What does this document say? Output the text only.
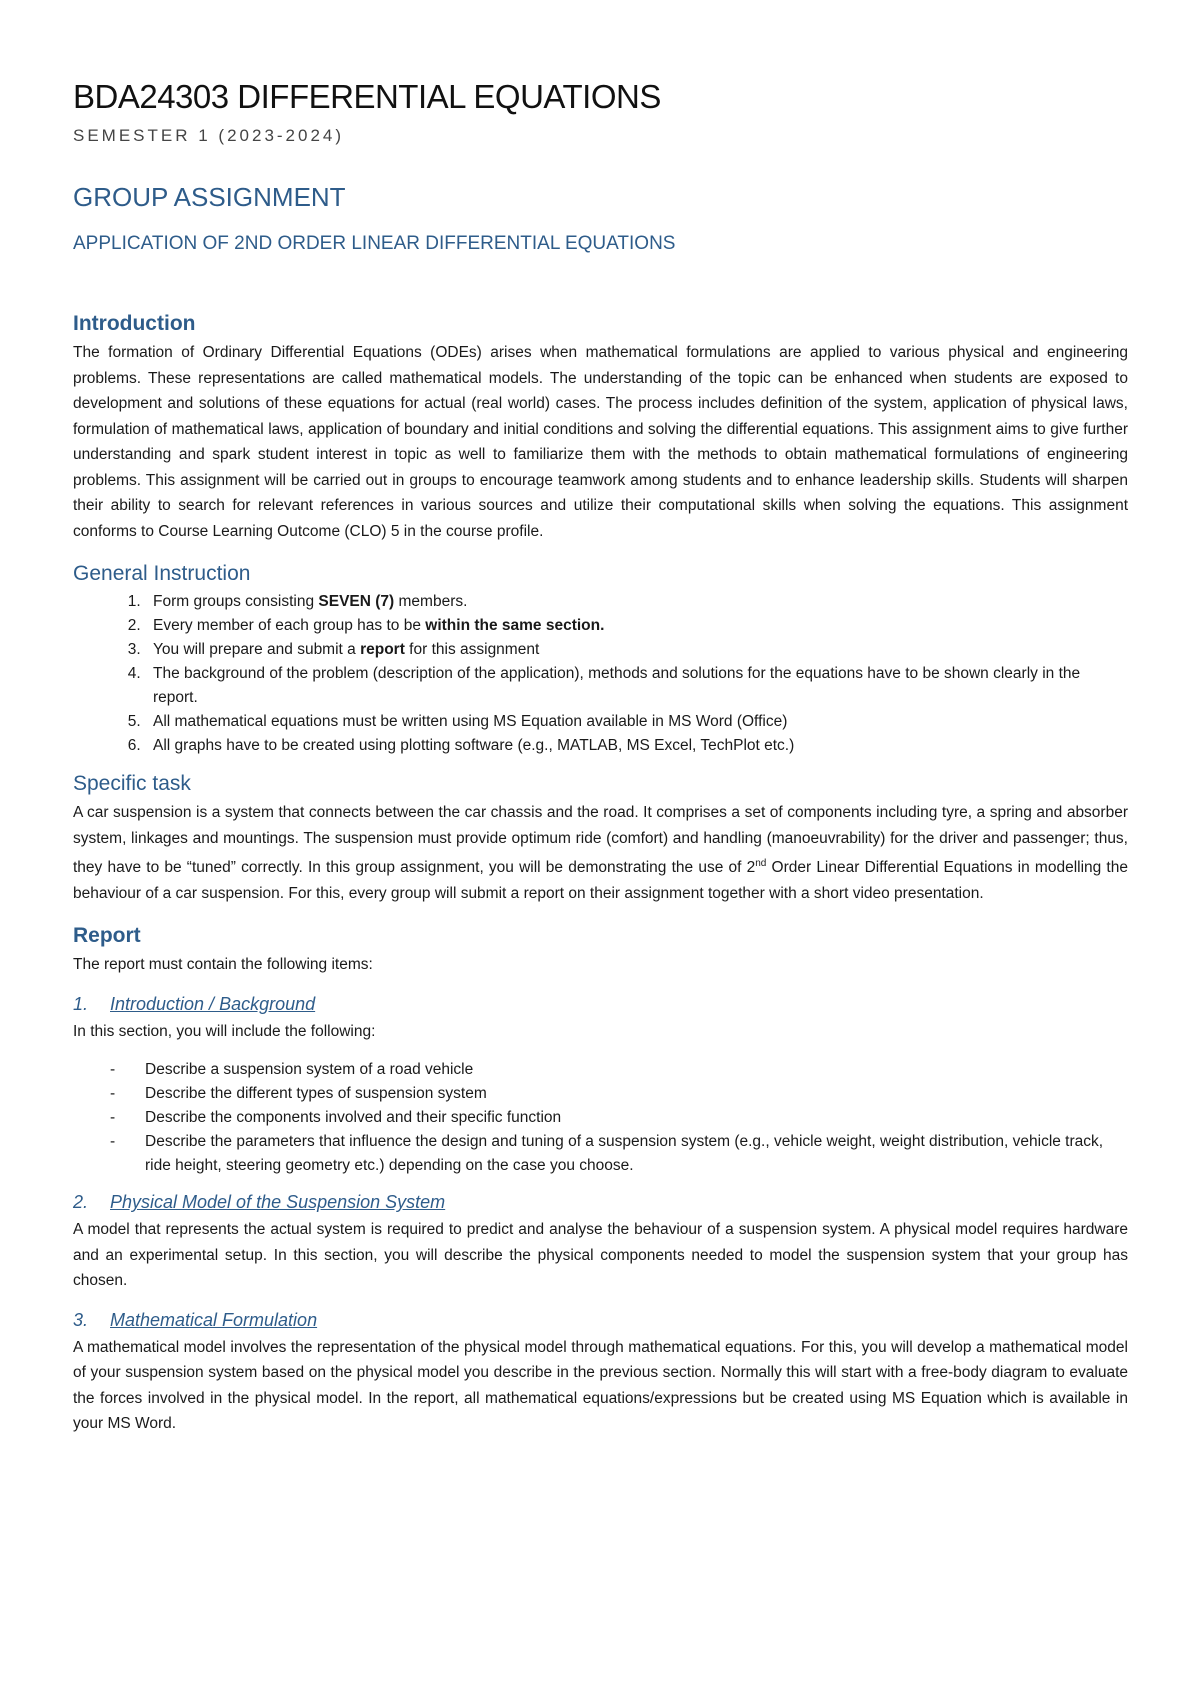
BDA24303 DIFFERENTIAL EQUATIONS
SEMESTER 1 (2023-2024)
GROUP ASSIGNMENT
APPLICATION OF 2ND ORDER LINEAR DIFFERENTIAL EQUATIONS
Introduction

The formation of Ordinary Differential Equations (ODEs) arises when mathematical formulations are applied to various physical and engineering problems. These representations are called mathematical models. The understanding of the topic can be enhanced when students are exposed to development and solutions of these equations for actual (real world) cases. The process includes definition of the system, application of physical laws, formulation of mathematical laws, application of boundary and initial conditions and solving the differential equations. This assignment aims to give further understanding and spark student interest in topic as well to familiarize them with the methods to obtain mathematical formulations of engineering problems. This assignment will be carried out in groups to encourage teamwork among students and to enhance leadership skills. Students will sharpen their ability to search for relevant references in various sources and utilize their computational skills when solving the equations. This assignment conforms to Course Learning Outcome (CLO) 5 in the course profile.

General Instruction
1. Form groups consisting SEVEN (7) members.
2. Every member of each group has to be within the same section.
3. You will prepare and submit a report for this assignment
4. The background of the problem (description of the application), methods and solutions for the equations have to be shown clearly in the report.
5. All mathematical equations must be written using MS Equation available in MS Word (Office)
6. All graphs have to be created using plotting software (e.g., MATLAB, MS Excel, TechPlot etc.)
Specific task

A car suspension is a system that connects between the car chassis and the road. It comprises a set of components including tyre, a spring and absorber system, linkages and mountings. The suspension must provide optimum ride (comfort) and handling (manoeuvrability) for the driver and passenger; thus, they have to be “tuned” correctly. In this group assignment, you will be demonstrating the use of 2nd Order Linear Differential Equations in modelling the behaviour of a car suspension. For this, every group will submit a report on their assignment together with a short video presentation.

Report

The report must contain the following items:

1. Introduction / Background

In this section, you will include the following:

- Describe a suspension system of a road vehicle
- Describe the different types of suspension system
- Describe the components involved and their specific function
- Describe the parameters that influence the design and tuning of a suspension system (e.g., vehicle weight, weight distribution, vehicle track, ride height, steering geometry etc.) depending on the case you choose.
2. Physical Model of the Suspension System

A model that represents the actual system is required to predict and analyse the behaviour of a suspension system. A physical model requires hardware and an experimental setup. In this section, you will describe the physical components needed to model the suspension system that your group has chosen.

3. Mathematical Formulation

A mathematical model involves the representation of the physical model through mathematical equations. For this, you will develop a mathematical model of your suspension system based on the physical model you describe in the previous section. Normally this will start with a free-body diagram to evaluate the forces involved in the physical model. In the report, all mathematical equations/expressions but be created using MS Equation which is available in your MS Word.
